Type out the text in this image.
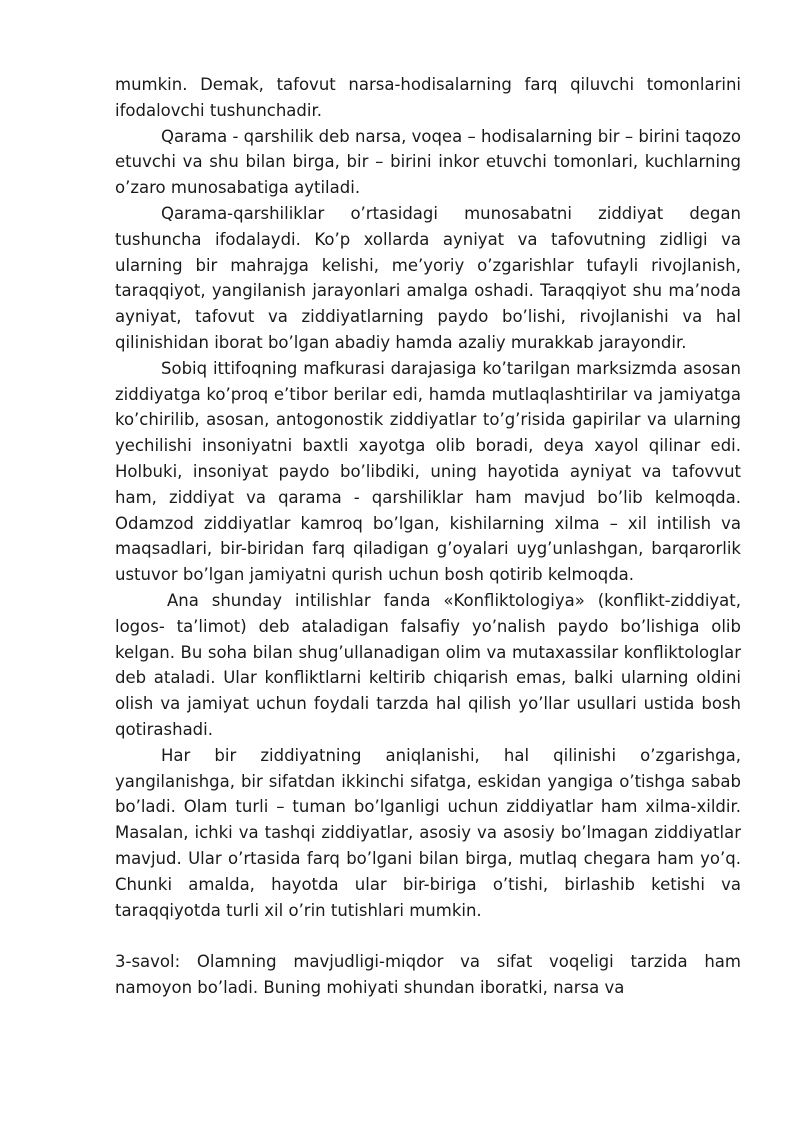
mumkin. Demak, tafovut narsa-hodisalarning farq qiluvchi tomonlarini ifodalovchi tushunchadir.

Qarama - qarshilik deb narsa, voqea – hodisalarning bir – birini taqozo etuvchi va shu bilan birga, bir – birini inkor etuvchi tomonlari, kuchlarning o’zaro munosabatiga aytiladi.

Qarama-qarshiliklar o’rtasidagi munosabatni ziddiyat degan tushuncha ifodalaydi. Ko’p xollarda ayniyat va tafovutning zidligi va ularning bir mahrajga kelishi, me’yoriy o’zgarishlar tufayli rivojlanish, taraqqiyot, yangilanish jarayonlari amalga oshadi. Taraqqiyot shu ma’noda ayniyat, tafovut va ziddiyatlarning paydo bo’lishi, rivojlanishi va hal qilinishidan iborat bo’lgan abadiy hamda azaliy murakkab jarayondir.

Sobiq ittifoqning mafkurasi darajasiga ko’tarilgan marksizmda asosan ziddiyatga ko’proq e’tibor berilar edi, hamda mutlaqlashtirilar va jamiyatga ko’chirilib, asosan, antogonostik ziddiyatlar to’g’risida gapirilar va ularning yechilishi insoniyatni baxtli xayotga olib boradi, deya xayol qilinar edi. Holbuki, insoniyat paydo bo’libdiki, uning hayotida ayniyat va tafovvut ham, ziddiyat va qarama - qarshiliklar ham mavjud bo’lib kelmoqda. Odamzod ziddiyatlar kamroq bo’lgan, kishilarning xilma – xil intilish va maqsadlari, bir-biridan farq qiladigan g’oyalari uyg’unlashgan, barqarorlik ustuvor bo’lgan jamiyatni qurish uchun bosh qotirib kelmoqda.

Ana shunday intilishlar fanda «Konfliktologiya» (konflikt-ziddiyat, logos- ta’limot) deb ataladigan falsafiy yo’nalish paydo bo’lishiga olib kelgan. Bu soha bilan shug’ullanadigan olim va mutaxassilar konfliktologlar deb ataladi. Ular konfliktlarni keltirib chiqarish emas, balki ularning oldini olish va jamiyat uchun foydali tarzda hal qilish yo’llar usullari ustida bosh qotirashadi.

Har bir ziddiyatning aniqlanishi, hal qilinishi o’zgarishga, yangilanishga, bir sifatdan ikkinchi sifatga, eskidan yangiga o’tishga sabab bo’ladi. Olam turli – tuman bo’lganligi uchun ziddiyatlar ham xilma-xildir. Masalan, ichki va tashqi ziddiyatlar, asosiy va asosiy bo’lmagan ziddiyatlar mavjud. Ular o’rtasida farq bo’lgani bilan birga, mutlaq chegara ham yo’q. Chunki amalda, hayotda ular bir-biriga o’tishi, birlashib ketishi va taraqqiyotda turli xil o’rin tutishlari mumkin.

3-savol: Olamning mavjudligi-miqdor va sifat voqeligi tarzida ham namoyon bo’ladi. Buning mohiyati shundan iboratki, narsa va
